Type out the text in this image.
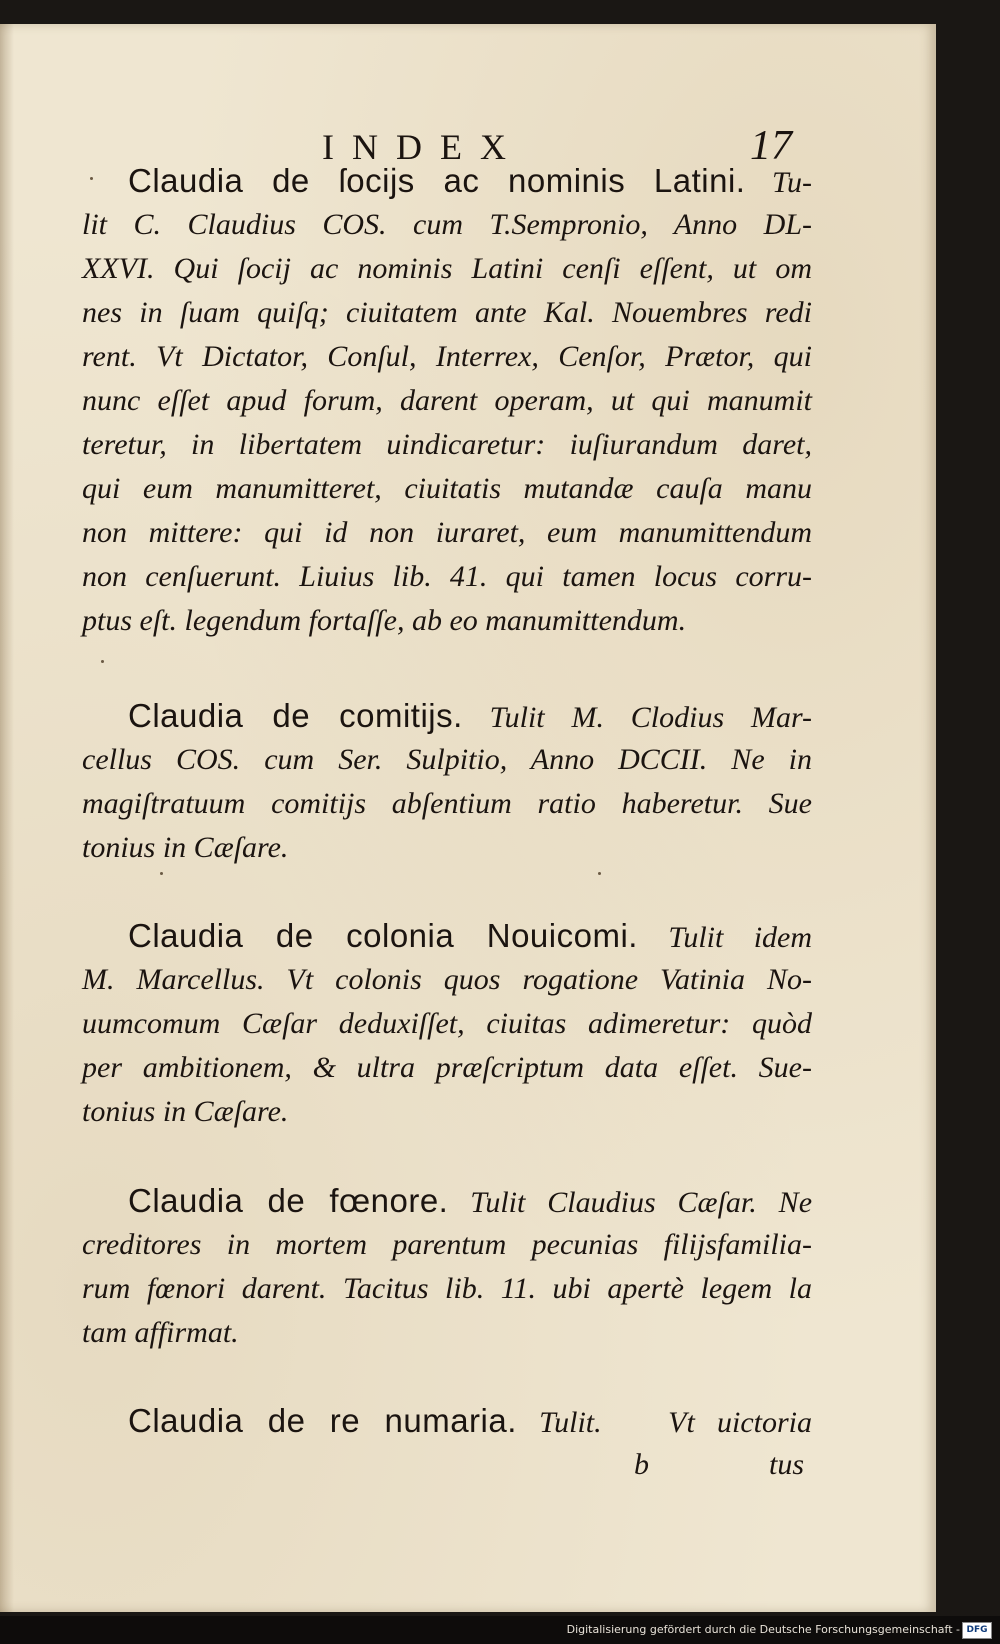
INDEX	17
Claudia de ſociјs ac nominis Latini. Tu-
lit C. Claudius COS. cum T.Sempronio, Anno DL-
XXVI. Qui ſocij ac nominis Latini cenſi eſſent, ut om
nes in ſuam quiſq; ciuitatem ante Kal. Nouembres redi
rent. Vt Dictator, Conſul, Interrex, Cenſor, Prætor, qui
nunc eſſet apud forum, darent operam, ut qui manumit
teretur, in libertatem uindicaretur: iuſiurandum daret,
qui eum manumitteret, ciuitatis mutandæ cauſa manu
non mittere: qui id non iuraret, eum manumittendum
non cenſuerunt. Liuius lib. 41. qui tamen locus corru-
ptus eſt. legendum fortaſſe, ab eo manumittendum.
Claudia de comitijs. Tulit M. Clodius Mar-
cellus COS. cum Ser. Sulpitio, Anno DCCII. Ne in
magiſtratuum comitijs abſentium ratio haberetur. Sue
tonius in Cæſare.
Claudia de colonia Nouicomi. Tulit idem
M. Marcellus. Vt colonis quos rogatione Vatinia No-
uumcomum Cæſar deduxiſſet, ciuitas adimeretur: quòd
per ambitionem, & ultra præſcriptum data eſſet. Sue-
tonius in Cæſare.
Claudia de fœnore. Tulit Claudius Cæſar. Ne
creditores in mortem parentum pecunias filijsfamilia-
rum fœnori darent. Tacitus lib. 11. ubi apertè legem la
tam affirmat.
Claudia de re numaria. Tulit.   Vt uictoria
b                tus
Digitalisierung gefördert durch die Deutsche Forschungsgemeinschaft - DFG
